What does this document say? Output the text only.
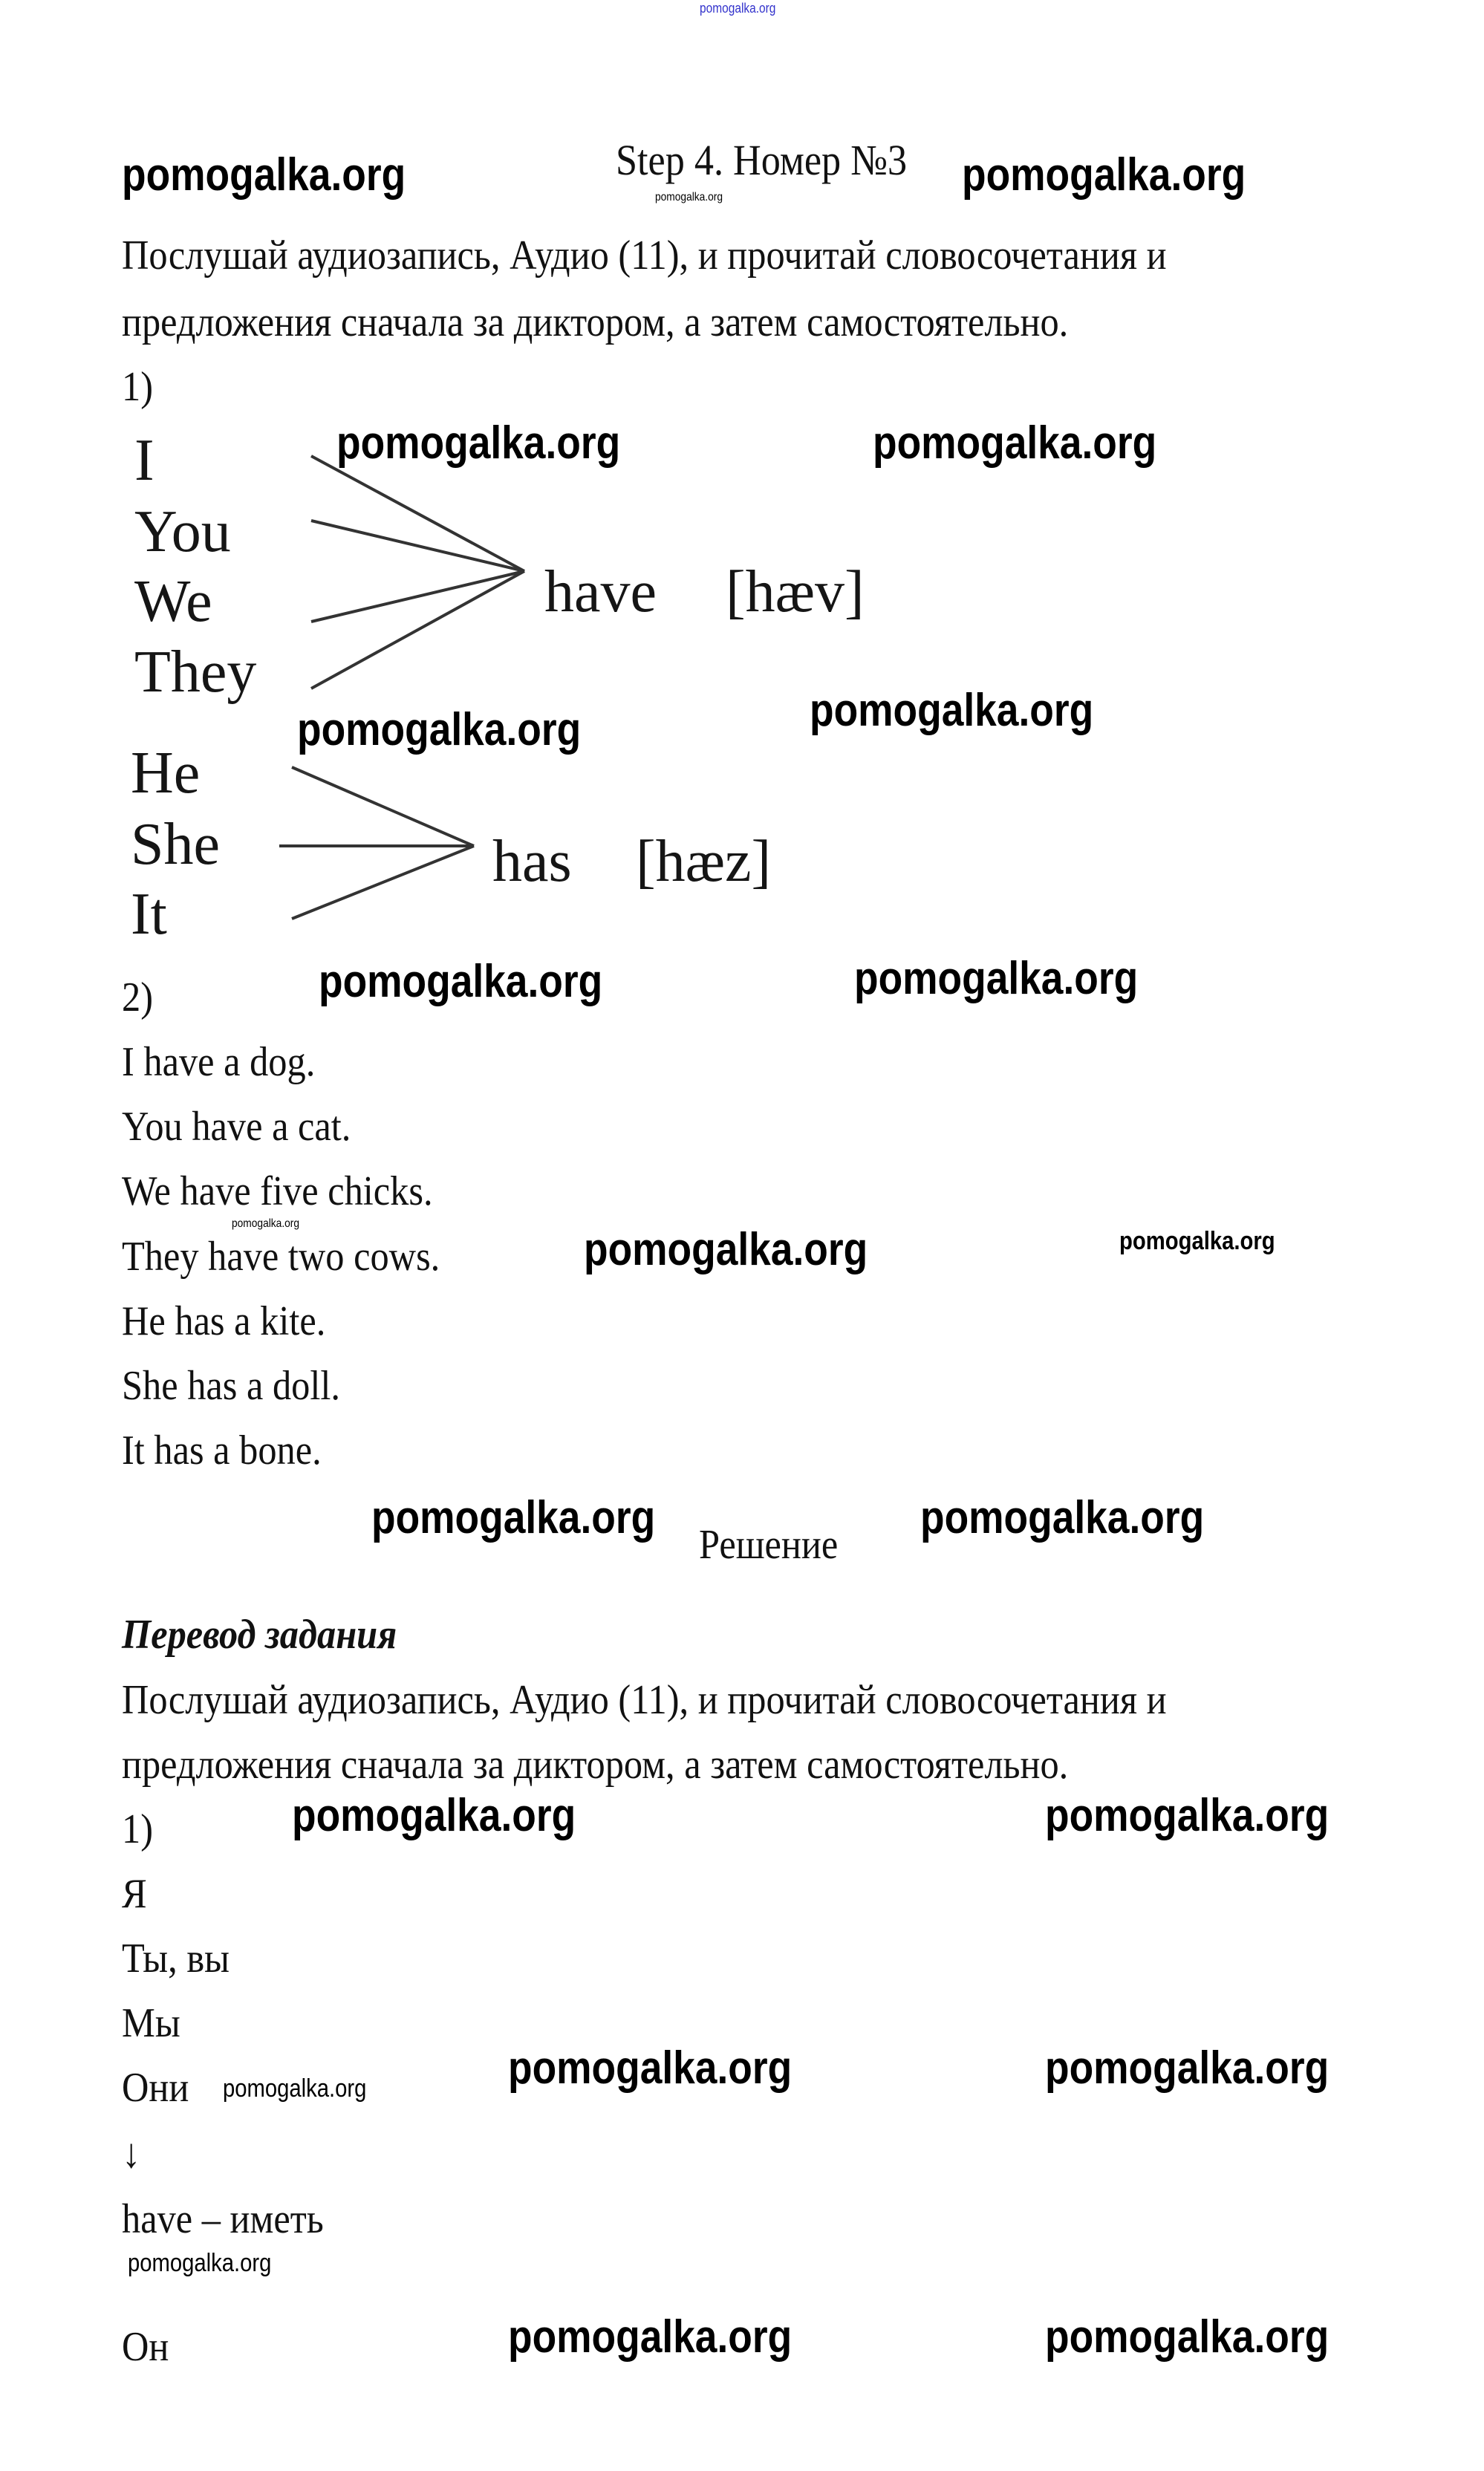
pomogalka.org
pomogalka.org	Step 4. Номер №3
pomogalka.org	pomogalka.org
Послушай аудиозапись, Аудио (11), и прочитай словосочетания и
предложения сначала за диктором, а затем самостоятельно.
1)
I
You
We
They
have [hæv]
He
She
It
has [hæz]
pomogalka.org	pomogalka.org
pomogalka.org	pomogalka.org
2)	pomogalka.org	pomogalka.org
I have a dog.
You have a cat.
We have five chicks.
They have two cows.
He has a kite.
She has a doll.
It has a bone.
pomogalka.org
pomogalka.org	pomogalka.org
pomogalka.org
Решение
pomogalka.org
Перевод задания
Послушай аудиозапись, Аудио (11), и прочитай словосочетания и
предложения сначала за диктором, а затем самостоятельно.
pomogalka.org	pomogalka.org
1)
Я
Ты, вы
Мы
pomogalka.org
Они	pomogalka.org	pomogalka.org
↓
have – иметь
pomogalka.org
pomogalka.org	pomogalka.org
Он
